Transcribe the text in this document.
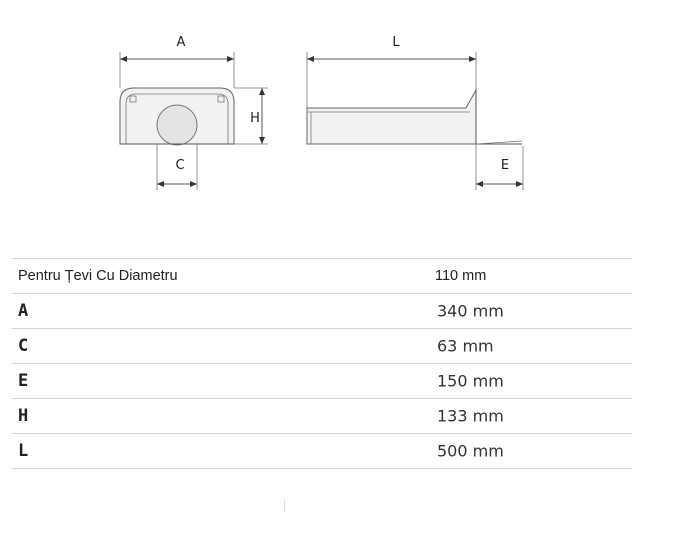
A
H
C
L
E
Pentru Țevi Cu Diametru	110 mm
A	340 mm
C	63 mm
E	150 mm
H	133 mm
L	500 mm
